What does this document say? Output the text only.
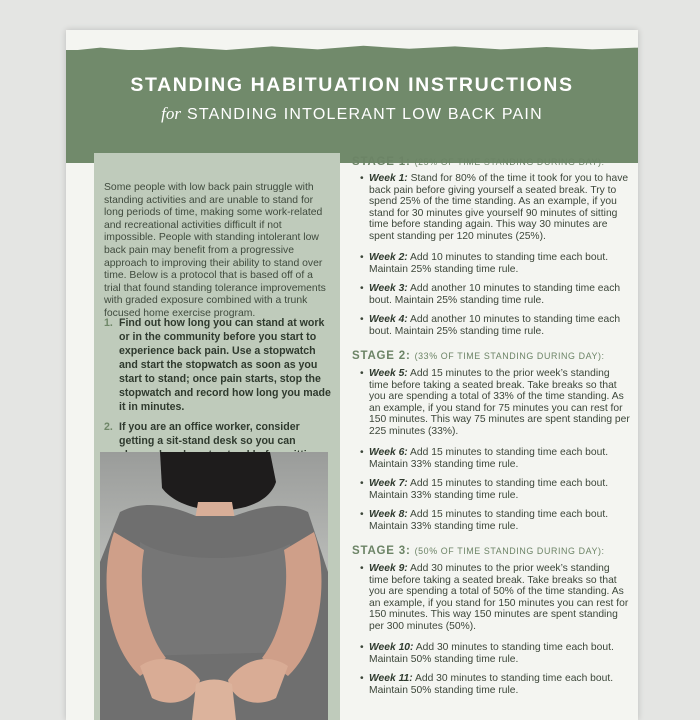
STANDING HABITUATION INSTRUCTIONS
for STANDING INTOLERANT LOW BACK PAIN
Some people with low back pain struggle with standing activities and are unable to stand for long periods of time, making some work-related and recreational activities difficult if not impossible. People with standing intolerant low back pain may benefit from a progressive approach to improving their ability to stand over time. Below is a protocol that is based off of a trial that found standing tolerance improvements with graded exposure combined with a trunk focused home exercise program.
1. Find out how long you can stand at work or in the community before you start to experience back pain. Use a stopwatch and start the stopwatch as soon as you start to stand; once pain starts, stop the stopwatch and record how long you made it in minutes.
2. If you are an office worker, consider getting a sit-stand desk so you can
STAGE 1: (25% OF TIME STANDING DURING DAY):
• Week 1: Stand for 80% of the time it took for you to have back pain before giving yourself a seated break. Try to spend 25% of the time standing. As an example, if you stand for 30 minutes give yourself 90 minutes of sitting time before standing again. This way 30 minutes are spent standing per 120 minutes (25%).
• Week 2: Add 10 minutes to standing time each bout. Maintain 25% standing time rule.
• Week 3: Add another 10 minutes to standing time each bout. Maintain 25% standing time rule.
• Week 4: Add another 10 minutes to standing time each bout. Maintain 25% standing time rule.
STAGE 2: (33% OF TIME STANDING DURING DAY):
• Week 5: Add 15 minutes to the prior week’s standing time before taking a seated break. Take breaks so that you are spending a total of 33% of the time standing. As an example, if you stand for 75 minutes you can rest for 150 minutes. This way 75 minutes are spent standing per 225 minutes (33%).
• Week 6: Add 15 minutes to standing time each bout. Maintain 33% standing time rule.
• Week 7: Add 15 minutes to standing time each bout. Maintain 33% standing time rule.
• Week 8: Add 15 minutes to standing time each bout. Maintain 33% standing time rule.
STAGE 3: (50% OF TIME STANDING DURING DAY):
• Week 9: Add 30 minutes to the prior week’s standing time before taking a seated break. Take breaks so that you are spending a total of 50% of the time standing. As an example, if you stand for 150 minutes you can rest for 150 minutes. This way 150 minutes are spent standing per 300 minutes (50%).
• Week 10: Add 30 minutes to standing time each bout. Maintain 50% standing time rule.
• Week 11: Add 30 minutes to standing time each bout. Maintain 50% standing time rule.
